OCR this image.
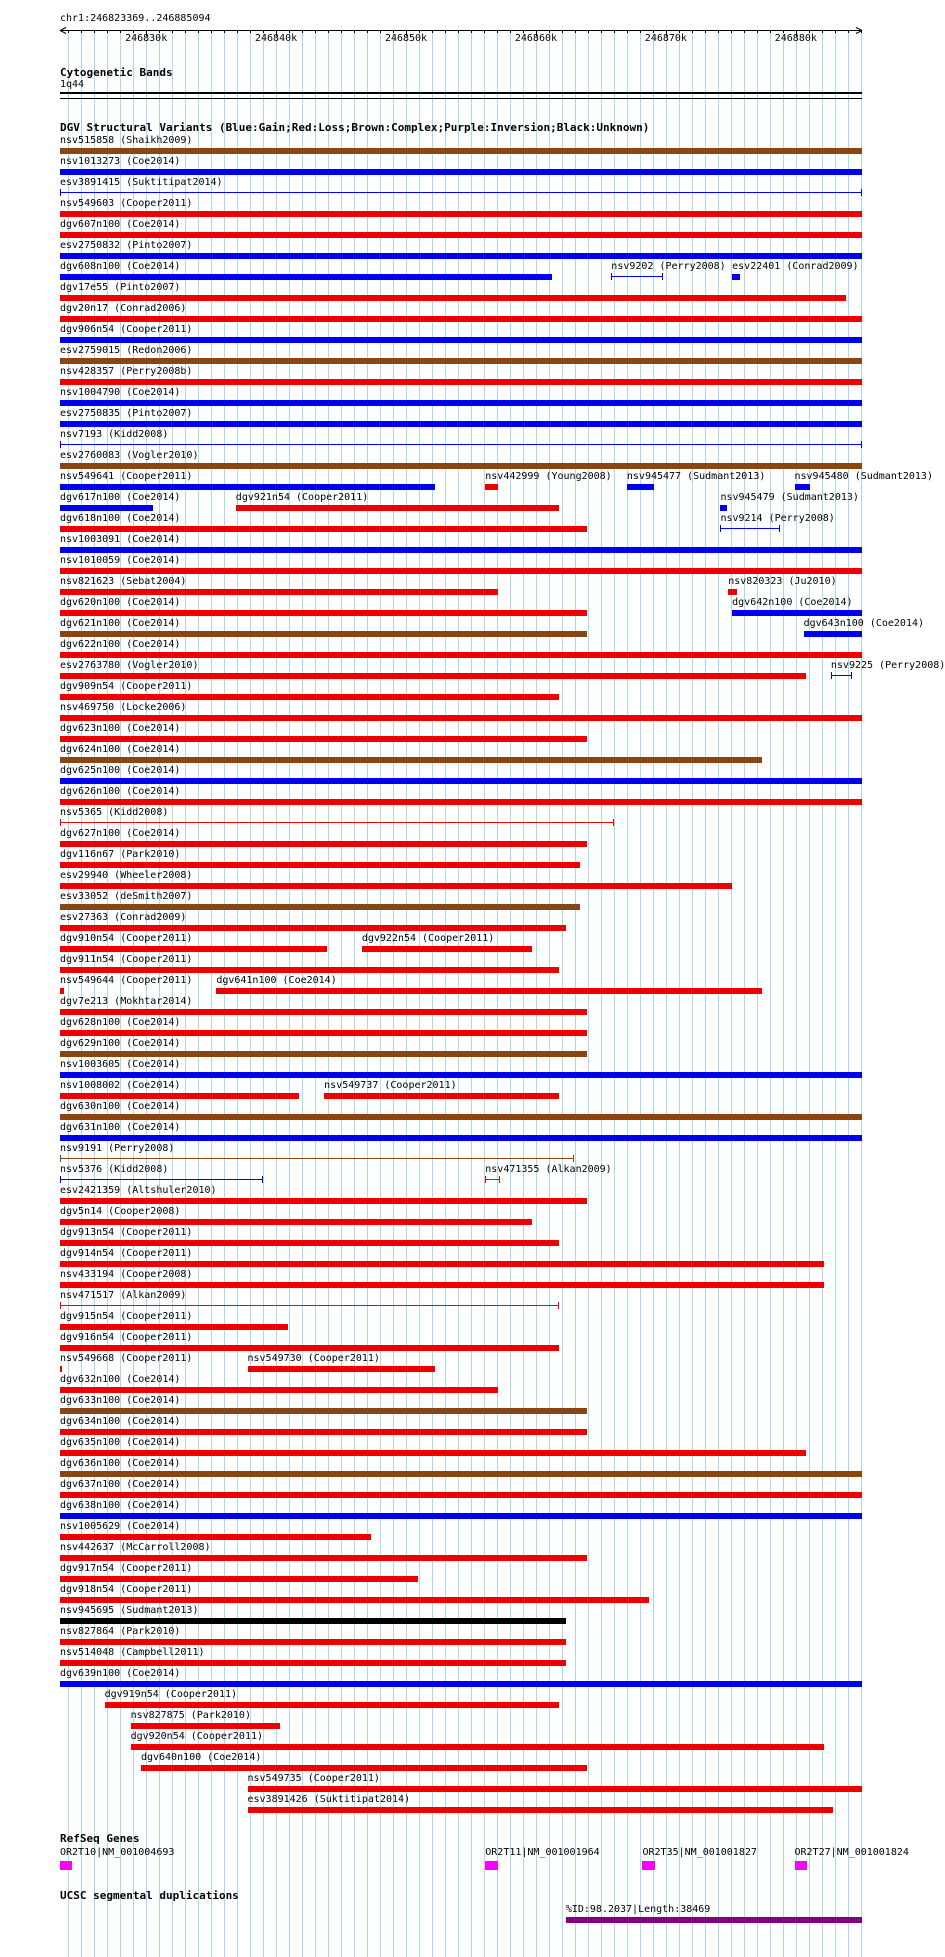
chr1:246823369..246885094
246830k	246840k	246850k	246860k	246870k	246880k
Cytogenetic Bands
1q44
DGV Structural Variants (Blue:Gain;Red:Loss;Brown:Complex;Purple:Inversion;Black:Unknown)
nsv515858 (Shaikh2009)
nsv1013273 (Coe2014)
esv3891415 (Suktitipat2014)
nsv549603 (Cooper2011)
dgv607n100 (Coe2014)
esv2750832 (Pinto2007)
dgv608n100 (Coe2014)	nsv9202 (Perry2008) esv22401 (Conrad2009)
dgv17e55 (Pinto2007)
dgv20n17 (Conrad2006)
dgv906n54 (Cooper2011)
esv2759015 (Redon2006)
nsv428357 (Perry2008b)
nsv1004790 (Coe2014)
esv2750835 (Pinto2007)
nsv7193 (Kidd2008)
esv2760083 (Vogler2010)
nsv549641 (Cooper2011)	nsv442999 (Young2008) nsv945477 (Sudmant2013)	nsv945480 (Sudmant2013)
dgv617n100 (Coe2014)	dgv921n54 (Cooper2011)	nsv945479 (Sudmant2013)
dgv618n100 (Coe2014)	nsv9214 (Perry2008)
nsv1003091 (Coe2014)
nsv1010059 (Coe2014)
nsv821623 (Sebat2004)	nsv820323 (Ju2010)
dgv620n100 (Coe2014)	dgv642n100 (Coe2014)
dgv621n100 (Coe2014)	dgv643n100 (Coe2014)
dgv622n100 (Coe2014)
esv2763780 (Vogler2010)	nsv9225 (Perry2008)
dgv909n54 (Cooper2011)
nsv469750 (Locke2006)
dgv623n100 (Coe2014)
dgv624n100 (Coe2014)
dgv625n100 (Coe2014)
dgv626n100 (Coe2014)
nsv5365 (Kidd2008)
dgv627n100 (Coe2014)
dgv116n67 (Park2010)
esv29940 (Wheeler2008)
esv33052 (deSmith2007)
esv27363 (Conrad2009)
dgv910n54 (Cooper2011)	dgv922n54 (Cooper2011)
dgv911n54 (Cooper2011)
nsv549644 (Cooper2011) dgv641n100 (Coe2014)
dgv7e213 (Mokhtar2014)
dgv628n100 (Coe2014)
dgv629n100 (Coe2014)
nsv1003605 (Coe2014)
nsv1008002 (Coe2014)	nsv549737 (Cooper2011)
dgv630n100 (Coe2014)
dgv631n100 (Coe2014)
nsv9191 (Perry2008)
nsv5376 (Kidd2008)	nsv471355 (Alkan2009)
esv2421359 (Altshuler2010)
dgv5n14 (Cooper2008)
dgv913n54 (Cooper2011)
dgv914n54 (Cooper2011)
nsv433194 (Cooper2008)
nsv471517 (Alkan2009)
dgv915n54 (Cooper2011)
dgv916n54 (Cooper2011)
nsv549668 (Cooper2011)	nsv549730 (Cooper2011)
dgv632n100 (Coe2014)
dgv633n100 (Coe2014)
dgv634n100 (Coe2014)
dgv635n100 (Coe2014)
dgv636n100 (Coe2014)
dgv637n100 (Coe2014)
dgv638n100 (Coe2014)
nsv1005629 (Coe2014)
nsv442637 (McCarroll2008)
dgv917n54 (Cooper2011)
dgv918n54 (Cooper2011)
nsv945695 (Sudmant2013)
nsv827864 (Park2010)
nsv514048 (Campbell2011)
dgv639n100 (Coe2014)
dgv919n54 (Cooper2011)
nsv827875 (Park2010)
dgv920n54 (Cooper2011)
dgv640n100 (Coe2014)
nsv549735 (Cooper2011)
esv3891426 (Suktitipat2014)
RefSeq Genes
OR2T10|NM_001004693	OR2T11|NM_001001964	OR2T35|NM_001001827	OR2T27|NM_001001824
UCSC segmental duplications
%ID:98.2037|Length:38469
